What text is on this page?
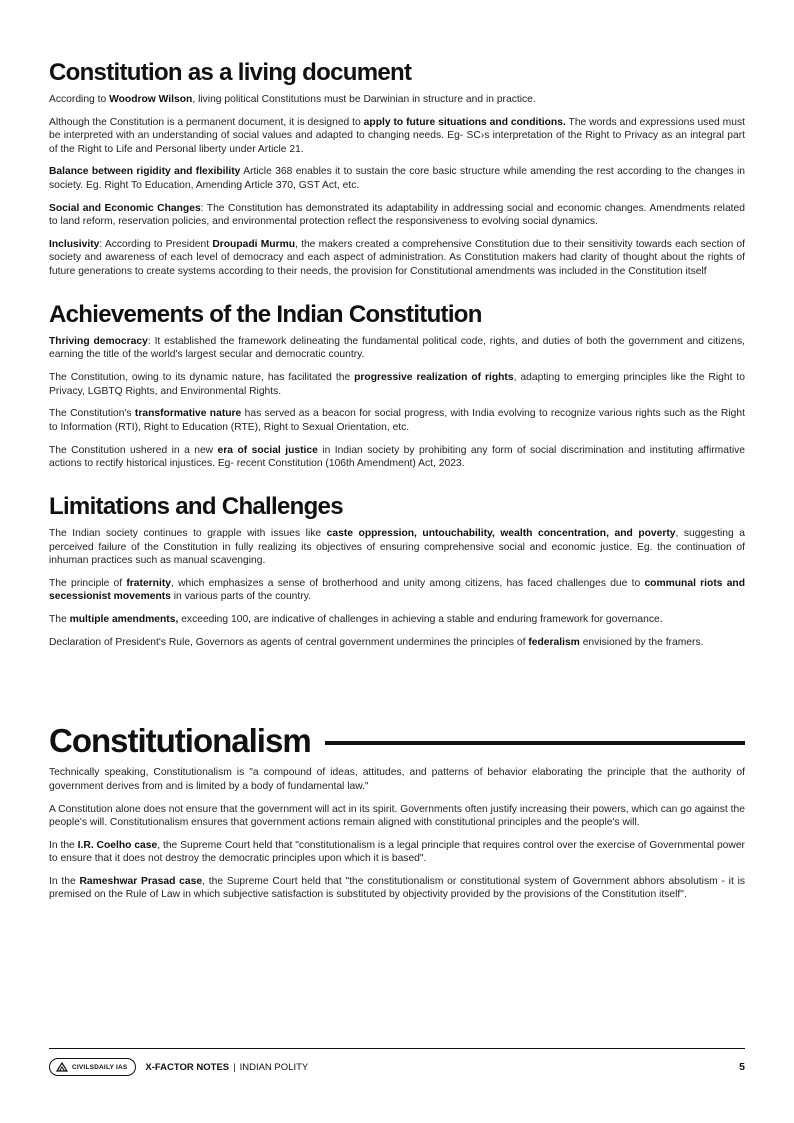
Constitution as a living document

According to Woodrow Wilson, living political Constitutions must be Darwinian in structure and in practice.

Although the Constitution is a permanent document, it is designed to apply to future situations and conditions. The words and expressions used must be interpreted with an understanding of social values and adapted to changing needs. Eg- SC›s interpretation of the Right to Privacy as an integral part of the Right to Life and Personal liberty under Article 21.

Balance between rigidity and flexibility Article 368 enables it to sustain the core basic structure while amending the rest according to the changes in society. Eg. Right To Education, Amending Article 370, GST Act, etc.

Social and Economic Changes: The Constitution has demonstrated its adaptability in addressing social and economic changes. Amendments related to land reform, reservation policies, and environmental protection reflect the responsiveness to evolving social dynamics.

Inclusivity: According to President Droupadi Murmu, the makers created a comprehensive Constitution due to their sensitivity towards each section of society and awareness of each level of democracy and each aspect of administration. As Constitution makers had clarity of thought about the rights of future generations to create systems according to their needs, the provision for Constitutional amendments was included in the Constitution itself

Achievements of the Indian Constitution

Thriving democracy: It established the framework delineating the fundamental political code, rights, and duties of both the government and citizens, earning the title of the world's largest secular and democratic country.

The Constitution, owing to its dynamic nature, has facilitated the progressive realization of rights, adapting to emerging principles like the Right to Privacy, LGBTQ Rights, and Environmental Rights.

The Constitution's transformative nature has served as a beacon for social progress, with India evolving to recognize various rights such as the Right to Information (RTI), Right to Education (RTE), Right to Sexual Orientation, etc.

The Constitution ushered in a new era of social justice in Indian society by prohibiting any form of social discrimination and instituting affirmative actions to rectify historical injustices. Eg- recent Constitution (106th Amendment) Act, 2023.

Limitations and Challenges

The Indian society continues to grapple with issues like caste oppression, untouchability, wealth concentration, and poverty, suggesting a perceived failure of the Constitution in fully realizing its objectives of ensuring comprehensive social and economic justice. Eg. the continuation of inhuman practices such as manual scavenging.

The principle of fraternity, which emphasizes a sense of brotherhood and unity among citizens, has faced challenges due to communal riots and secessionist movements in various parts of the country.

The multiple amendments, exceeding 100, are indicative of challenges in achieving a stable and enduring framework for governance.

Declaration of President's Rule, Governors as agents of central government undermines the principles of federalism envisioned by the framers.

Constitutionalism

Technically speaking, Constitutionalism is "a compound of ideas, attitudes, and patterns of behavior elaborating the principle that the authority of government derives from and is limited by a body of fundamental law."

A Constitution alone does not ensure that the government will act in its spirit. Governments often justify increasing their powers, which can go against the people's will. Constitutionalism ensures that government actions remain aligned with constitutional principles and the people's will.

In the I.R. Coelho case, the Supreme Court held that "constitutionalism is a legal principle that requires control over the exercise of Governmental power to ensure that it does not destroy the democratic principles upon which it is based".

In the Rameshwar Prasad case, the Supreme Court held that "the constitutionalism or constitutional system of Government abhors absolutism - it is premised on the Rule of Law in which subjective satisfaction is substituted by objectivity provided by the provisions of the Constitution itself".

CIVILSDAILY IAS X-FACTOR NOTES | INDIAN POLITY	5
